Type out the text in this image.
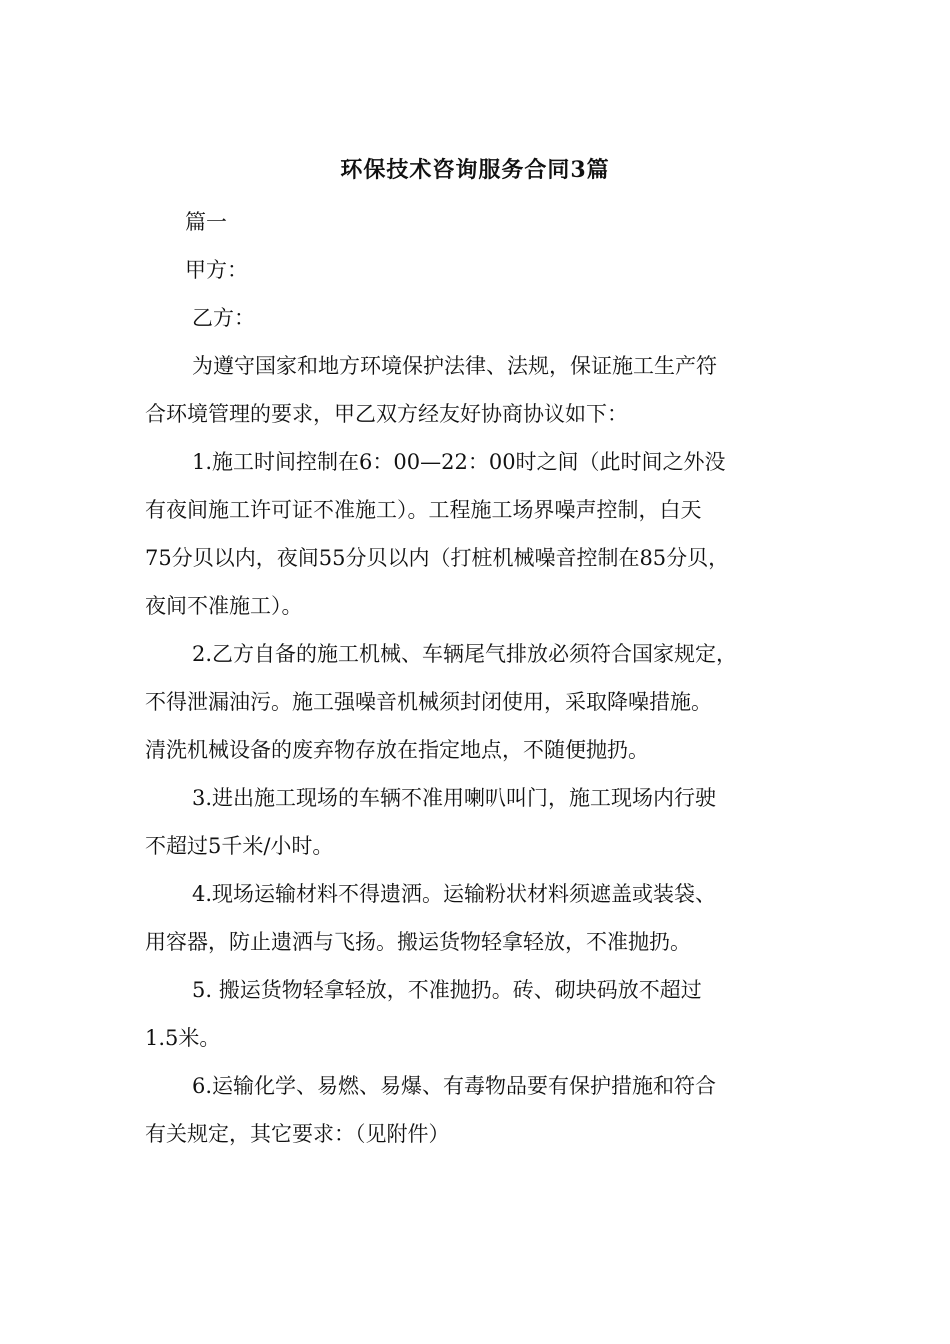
环保技术咨询服务合同3篇
篇一
甲方：
乙方：
为遵守国家和地方环境保护法律、法规，保证施工生产符
合环境管理的要求，甲乙双方经友好协商协议如下：
1.施工时间控制在6：00—22：00时之间（此时间之外没
有夜间施工许可证不准施工）。工程施工场界噪声控制，白天
75分贝以内，夜间55分贝以内（打桩机械噪音控制在85分贝，
夜间不准施工）。
2.乙方自备的施工机械、车辆尾气排放必须符合国家规定，
不得泄漏油污。施工强噪音机械须封闭使用，采取降噪措施。
清洗机械设备的废弃物存放在指定地点，不随便抛扔。
3.进出施工现场的车辆不准用喇叭叫门，施工现场内行驶
不超过5千米/小时。
4.现场运输材料不得遗洒。运输粉状材料须遮盖或装袋、
用容器，防止遗洒与飞扬。搬运货物轻拿轻放，不准抛扔。
5. 搬运货物轻拿轻放，不准抛扔。砖、砌块码放不超过
1.5米。
6.运输化学、易燃、易爆、有毒物品要有保护措施和符合
有关规定，其它要求：（见附件）
